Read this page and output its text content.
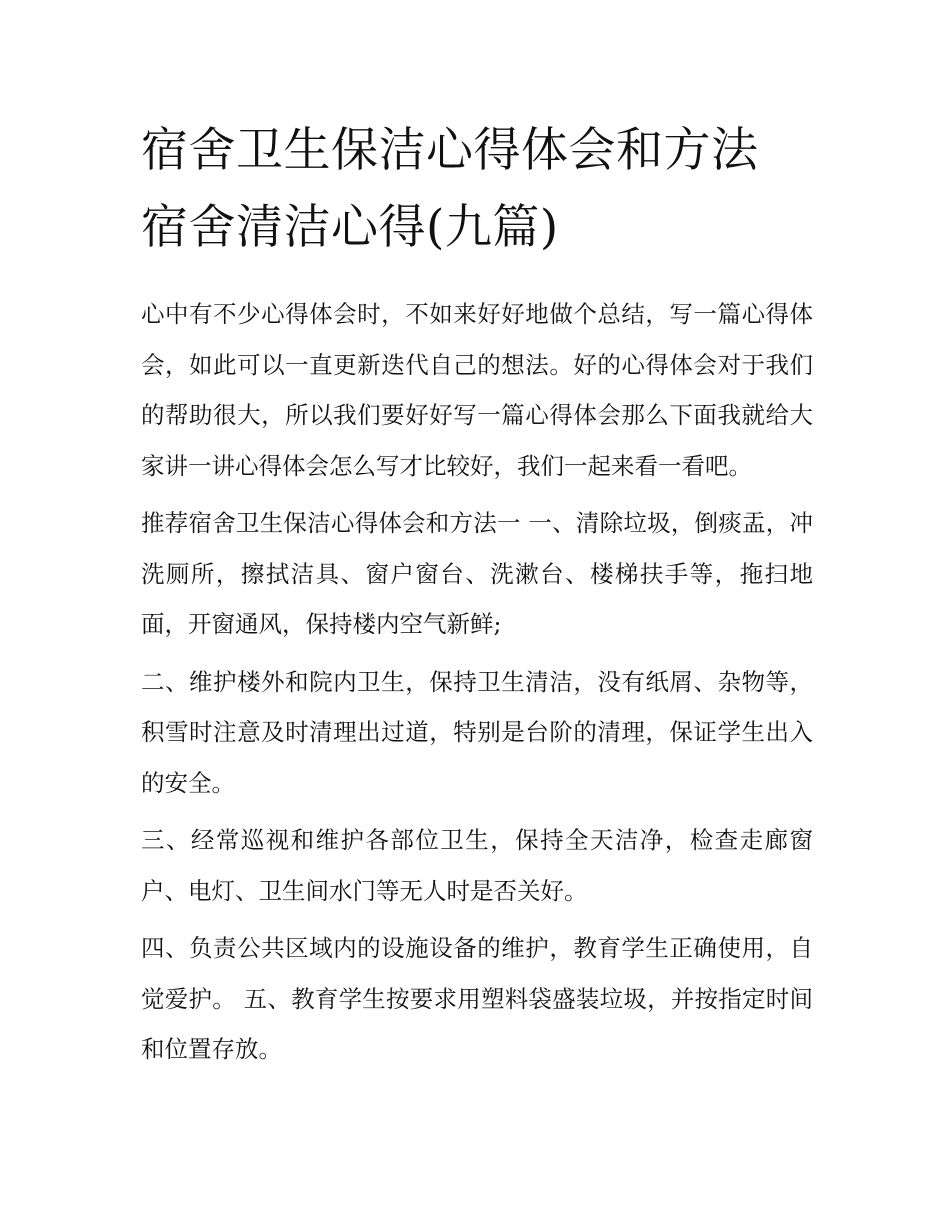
宿舍卫生保洁心得体会和方法
宿舍清洁心得(九篇)

心中有不少心得体会时，不如来好好地做个总结，写一篇心得体会，如此可以一直更新迭代自己的想法。好的心得体会对于我们的帮助很大，所以我们要好好写一篇心得体会那么下面我就给大家讲一讲心得体会怎么写才比较好，我们一起来看一看吧。

推荐宿舍卫生保洁心得体会和方法一 一、清除垃圾，倒痰盂，冲洗厕所，擦拭洁具、窗户窗台、洗漱台、楼梯扶手等，拖扫地面，开窗通风，保持楼内空气新鲜;

二、维护楼外和院内卫生，保持卫生清洁，没有纸屑、杂物等，积雪时注意及时清理出过道，特别是台阶的清理，保证学生出入的安全。

三、经常巡视和维护各部位卫生，保持全天洁净，检查走廊窗户、电灯、卫生间水门等无人时是否关好。

四、负责公共区域内的设施设备的维护，教育学生正确使用，自觉爱护。 五、教育学生按要求用塑料袋盛装垃圾，并按指定时间和位置存放。
